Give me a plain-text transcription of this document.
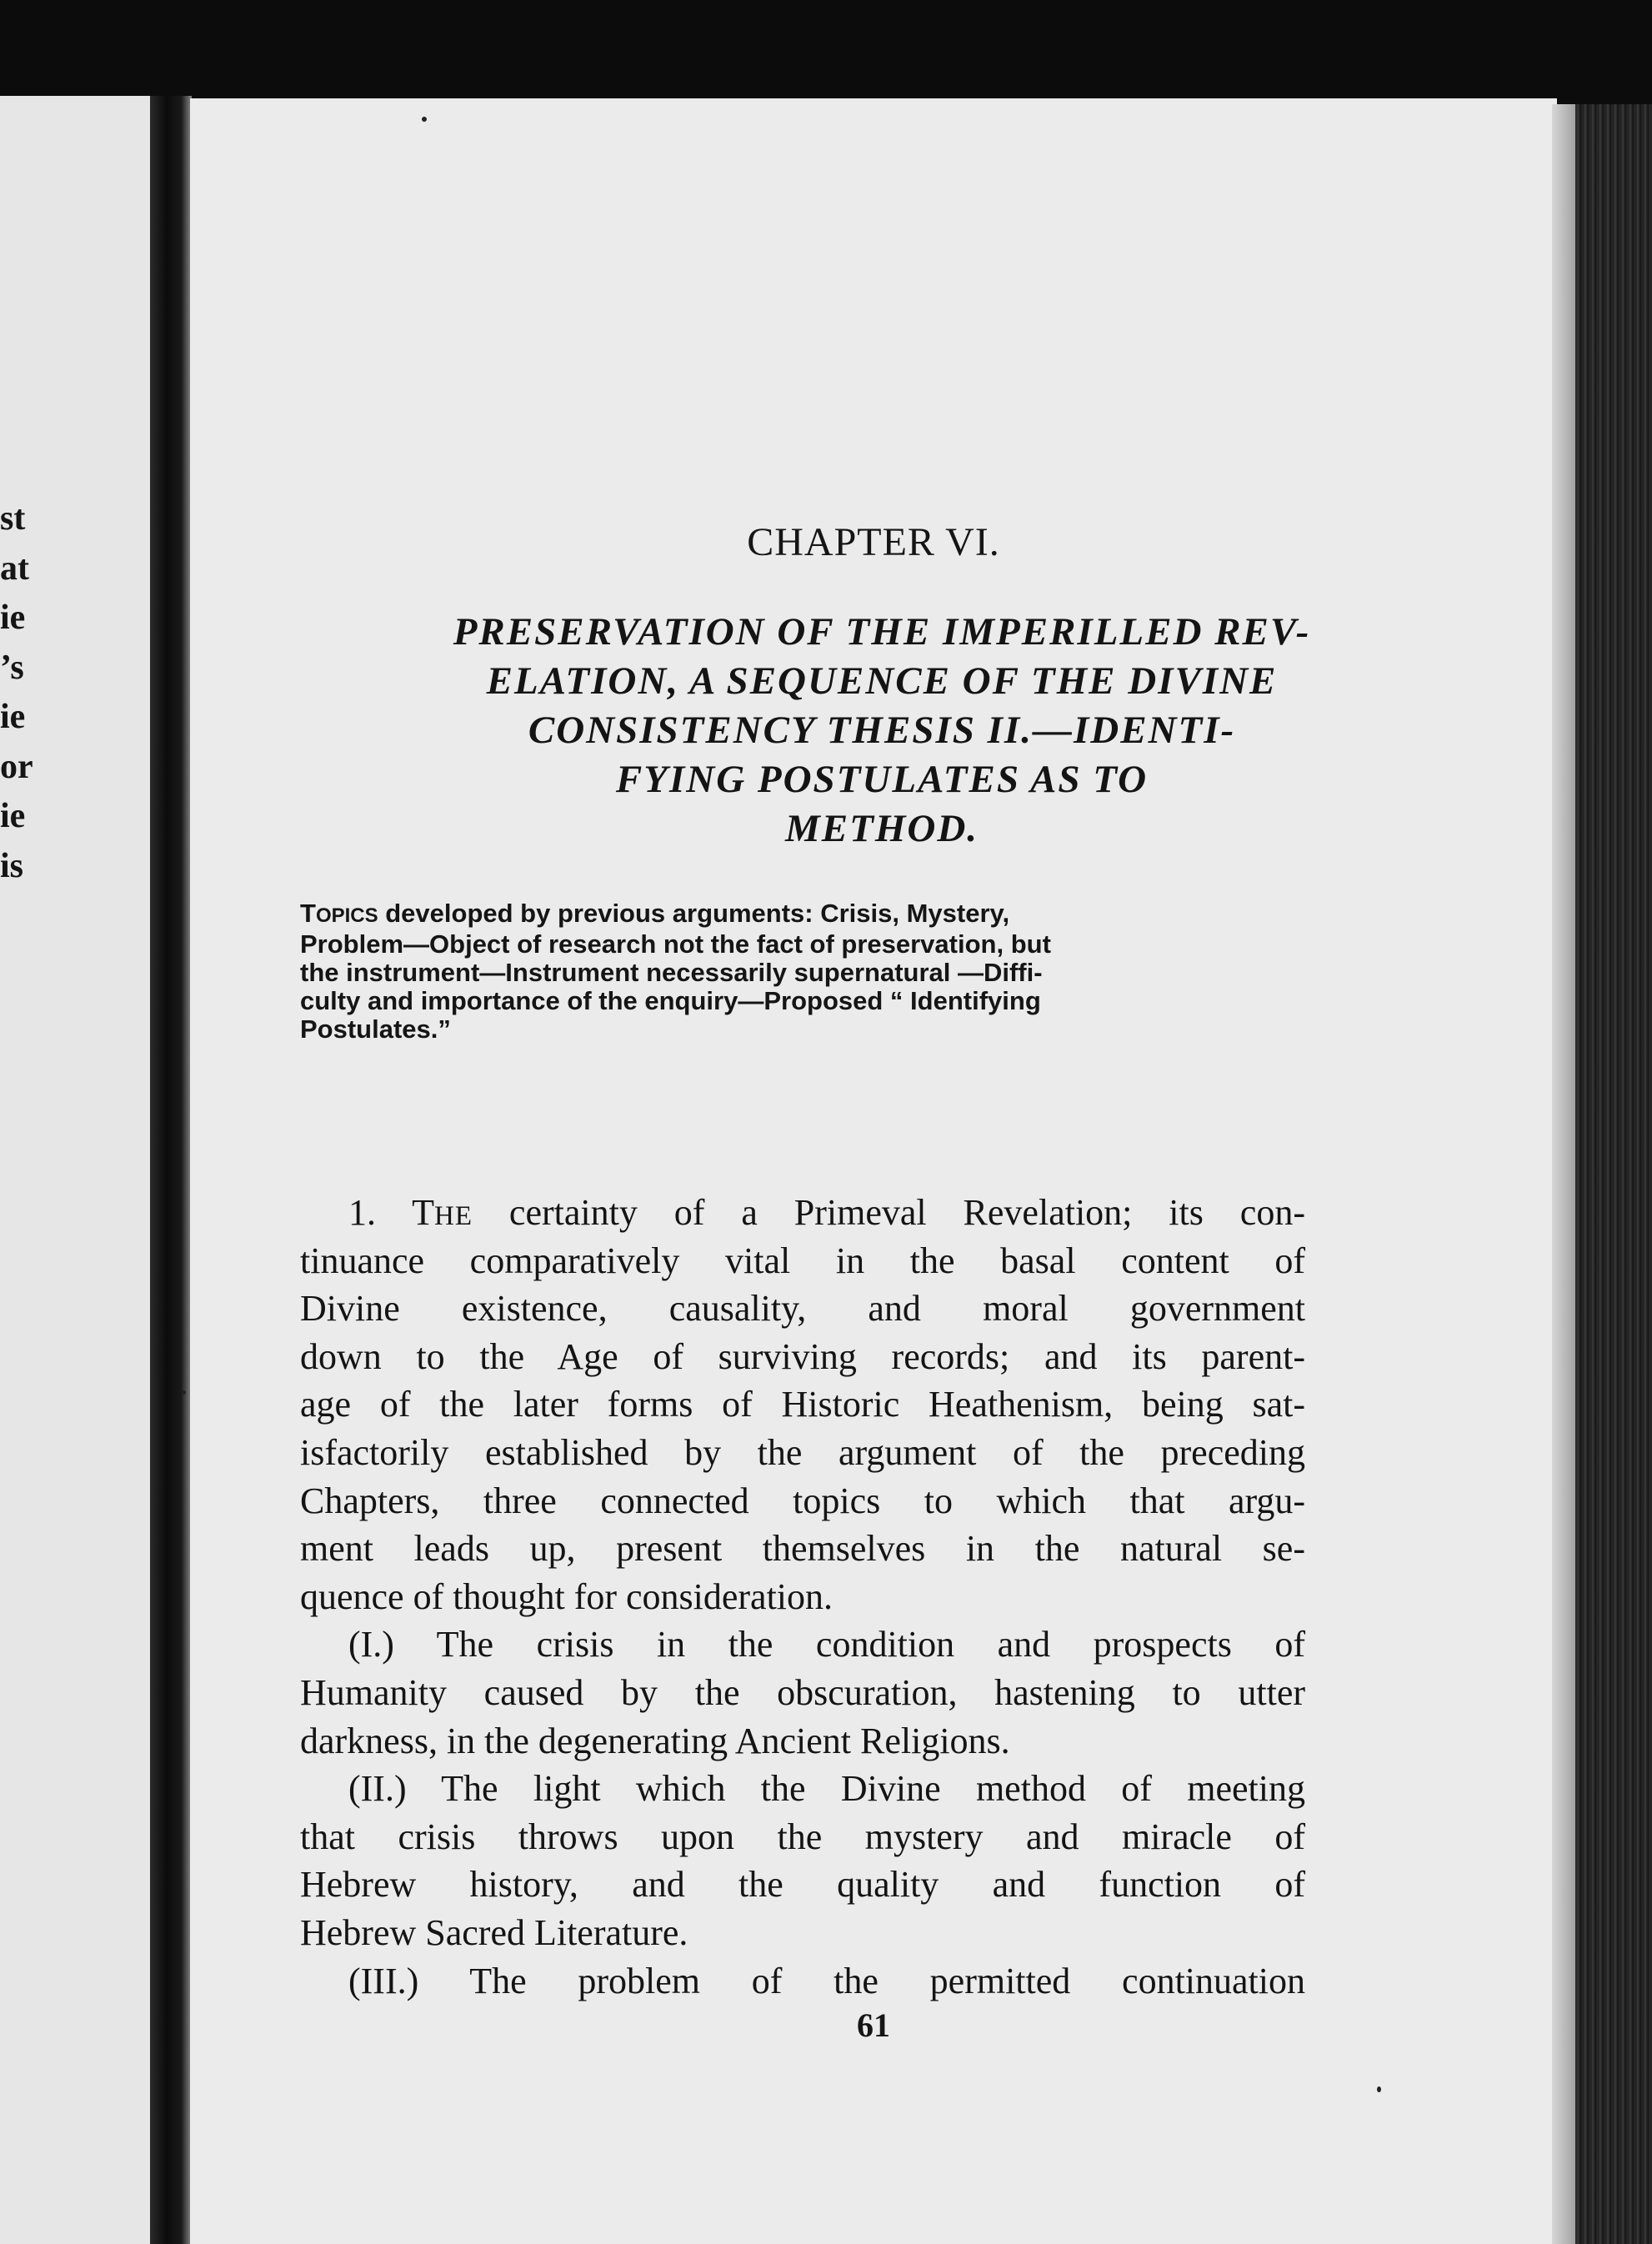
st
at
ie
’s
ie
or
ie
is
CHAPTER VI.
PRESERVATION OF THE IMPERILLED REV-
ELATION, A SEQUENCE OF THE DIVINE
CONSISTENCY THESIS II.—IDENTI-
FYING POSTULATES AS TO
METHOD.
TOPICS developed by previous arguments: Crisis, Mystery,
Problem—Object of research not the fact of preservation, but
the instrument—Instrument necessarily supernatural —Diffi-
culty and importance of the enquiry—Proposed “ Identifying
Postulates.”
1. THE certainty of a Primeval Revelation; its con-
tinuance comparatively vital in the basal content of
Divine existence, causality, and moral government
down to the Age of surviving records; and its parent-
age of the later forms of Historic Heathenism, being sat-
isfactorily established by the argument of the preceding
Chapters, three connected topics to which that argu-
ment leads up, present themselves in the natural se-
quence of thought for consideration.
(I.) The crisis in the condition and prospects of
Humanity caused by the obscuration, hastening to utter
darkness, in the degenerating Ancient Religions.
(II.) The light which the Divine method of meeting
that crisis throws upon the mystery and miracle of
Hebrew history, and the quality and function of
Hebrew Sacred Literature.
(III.) The problem of the permitted continuation
61
